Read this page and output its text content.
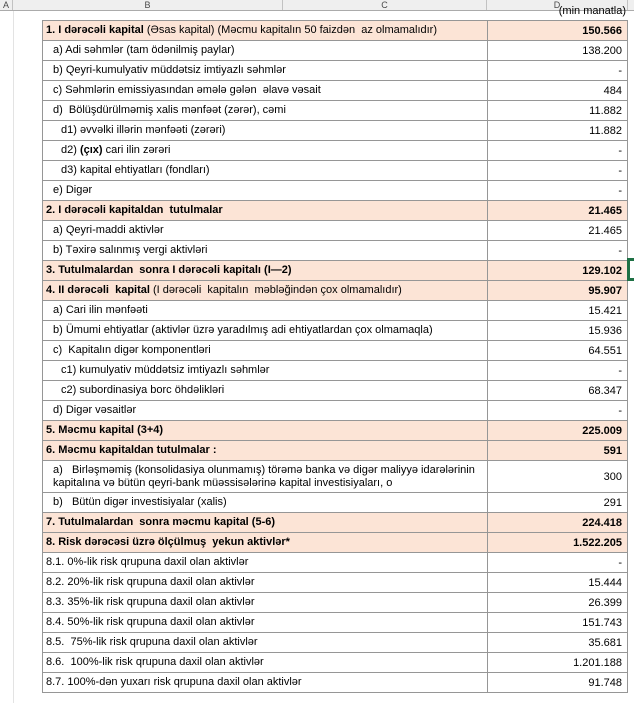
A	B	C	D
(min manatla)
1. I dərəcəli kapital (Əsas kapital) (Məcmu kapitalın 50 faizdən  az olmamalıdır)	150.566
a) Adi səhmlər (tam ödənilmiş paylar)	138.200
b) Qeyri-kumulyativ müddətsiz imtiyazlı səhmlər	-
c) Səhmlərin emissiyasından əmələ gələn  əlavə vəsait	484
d)  Bölüşdürülməmiş xalis mənfəət (zərər), cəmi	11.882
d1) əvvəlki illərin mənfəəti (zərəri)	11.882
d2) (çıx) cari ilin zərəri	-
d3) kapital ehtiyatları (fondları)	-
e) Digər	-
2. I dərəcəli kapitaldan  tutulmalar	21.465
a) Qeyri-maddi aktivlər	21.465
b) Təxirə salınmış vergi aktivləri	-
3. Tutulmalardan  sonra I dərəcəli kapitalı (I—2)	129.102
4. II dərəcəli  kapital (I dərəcəli  kapitalın  məbləğindən çox olmamalıdır)	95.907
a) Cari ilin mənfəəti	15.421
b) Ümumi ehtiyatlar (aktivlər üzrə yaradılmış adi ehtiyatlardan çox olmamaqla)	15.936
c)  Kapitalın digər komponentləri	64.551
c1) kumulyativ müddətsiz imtiyazlı səhmlər	-
c2) subordinasiya borc öhdəlikləri	68.347
d) Digər vəsaitlər	-
5. Məcmu kapital (3+4)	225.009
6. Məcmu kapitaldan tutulmalar :	591
a)   Birləşməmiş (konsolidasiya olunmamış) törəmə banka və digər maliyyə idarələrinin kapitalına və bütün qeyri-bank müəssisələrinə kapital investisiyaları, o	300
b)   Bütün digər investisiyalar (xalis)	291
7. Tutulmalardan  sonra məcmu kapital (5-6)	224.418
8. Risk dərəcəsi üzrə ölçülmuş  yekun aktivlər*	1.522.205
8.1. 0%-lik risk qrupuna daxil olan aktivlər	-
8.2. 20%-lik risk qrupuna daxil olan aktivlər	15.444
8.3. 35%-lik risk qrupuna daxil olan aktivlər	26.399
8.4. 50%-lik risk qrupuna daxil olan aktivlər	151.743
8.5.  75%-lik risk qrupuna daxil olan aktivlər	35.681
8.6.  100%-lik risk qrupuna daxil olan aktivlər	1.201.188
8.7. 100%-dən yuxarı risk qrupuna daxil olan aktivlər	91.748
